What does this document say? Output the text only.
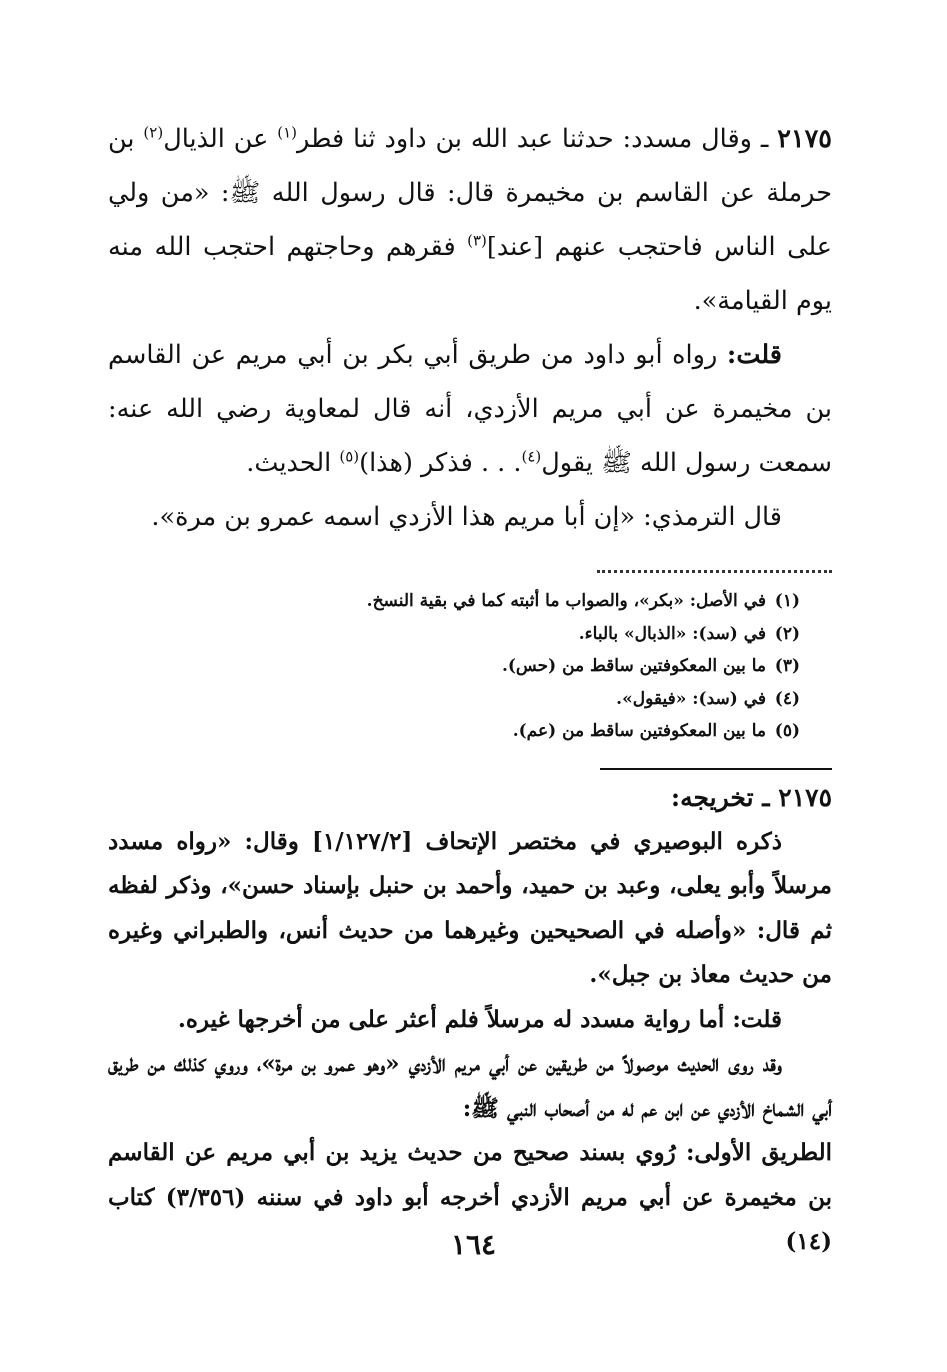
٢١٧٥ ـ وقال مسدد: حدثنا عبد الله بن داود ثنا فطر$^{(١)}$ عن الذيال$^{(٢)}$ بن حرملة عن القاسم بن مخيمرة قال: قال رسول الله ﷺ: «من ولي على الناس فاحتجب عنهم [عند]$^{(٣)}$ فقرهم وحاجتهم احتجب الله منه يوم القيامة».

قلت: رواه أبو داود من طريق أبي بكر بن أبي مريم عن القاسم بن مخيمرة عن أبي مريم الأزدي، أنه قال لمعاوية رضي الله عنه: سمعت رسول الله ﷺ يقول$^{(٤)}$. . . فذكر (هذا)$^{(٥)}$ الحديث.

قال الترمذي: «إن أبا مريم هذا الأزدي اسمه عمرو بن مرة».

(١)في الأصل: «بكر»، والصواب ما أثبته كما في بقية النسخ.
(٢)في (سد): «الذبال» بالباء.
(٣)ما بين المعكوفتين ساقط من (حس).
(٤)في (سد): «فيقول».
(٥)ما بين المعكوفتين ساقط من (عم).
٢١٧٥ ـ تخريجه:

ذكره البوصيري في مختصر الإتحاف [١/١٢٧/٢] وقال: «رواه مسدد مرسلاً وأبو يعلى، وعبد بن حميد، وأحمد بن حنبل بإسناد حسن»، وذكر لفظه ثم قال: «وأصله في الصحيحين وغيرهما من حديث أنس، والطبراني وغيره من حديث معاذ بن جبل».

قلت: أما رواية مسدد له مرسلاً فلم أعثر على من أخرجها غيره.

وقد روى الحديث موصولاً من طريقين عن أبي مريم الأزدي «وهو عمرو بن مرة»، وروي كذلك من طريق أبي الشماخ الأزدي عن ابن عم له من أصحاب النبي ﷺ:

الطريق الأولى: رُوي بسند صحيح من حديث يزيد بن أبي مريم عن القاسم بن مخيمرة عن أبي مريم الأزدي أخرجه أبو داود في سننه (٣/٣٥٦) كتاب (١٤)

١٦٤
